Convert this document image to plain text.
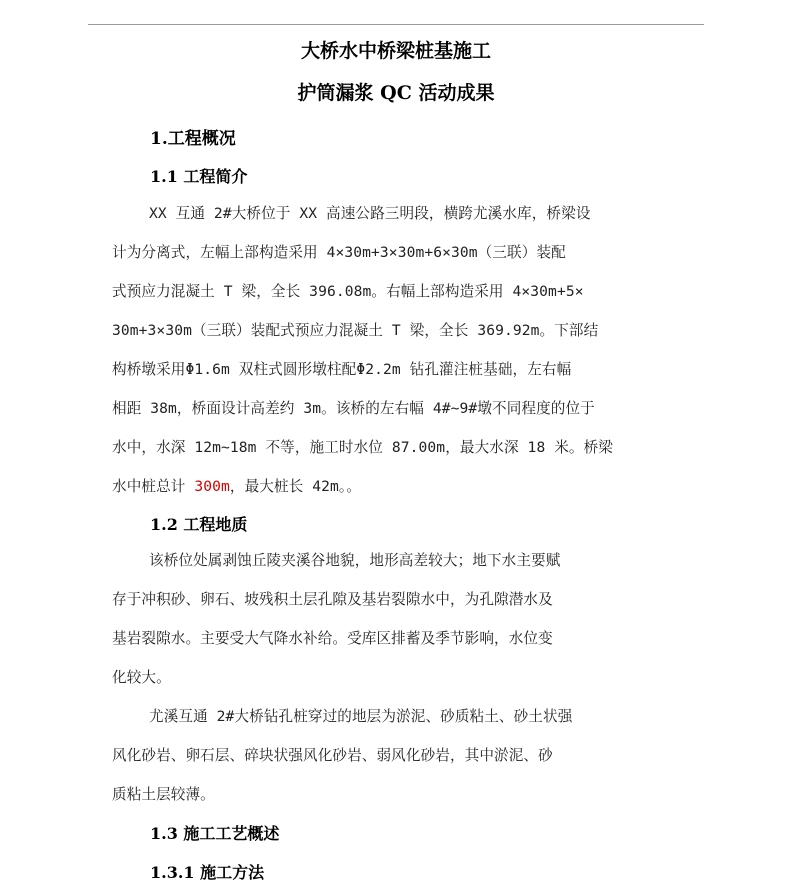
大桥水中桥梁桩基施工
护筒漏浆 QC 活动成果
1.工程概况
1.1 工程简介
XX 互通 2#大桥位于 XX 高速公路三明段，横跨尤溪水库，桥梁设
计为分离式，左幅上部构造采用 4×30m+3×30m+6×30m（三联）装配
式预应力混凝土 T 梁，全长 396.08m。右幅上部构造采用 4×30m+5×
30m+3×30m（三联）装配式预应力混凝土 T 梁，全长 369.92m。下部结
构桥墩采用Φ1.6m 双柱式圆形墩柱配Φ2.2m 钻孔灌注桩基础，左右幅
相距 38m，桥面设计高差约 3m。该桥的左右幅 4#~9#墩不同程度的位于
水中，水深 12m~18m 不等，施工时水位 87.00m，最大水深 18 米。桥梁
水中桩总计 300m，最大桩长 42m。。
1.2 工程地质
该桥位处属剥蚀丘陵夹溪谷地貌，地形高差较大；地下水主要赋
存于冲积砂、卵石、坡残积土层孔隙及基岩裂隙水中，为孔隙潜水及
基岩裂隙水。主要受大气降水补给。受库区排蓄及季节影响，水位变
化较大。
尤溪互通 2#大桥钻孔桩穿过的地层为淤泥、砂质粘土、砂土状强
风化砂岩、卵石层、碎块状强风化砂岩、弱风化砂岩，其中淤泥、砂
质粘土层较薄。
1.3 施工工艺概述
1.3.1 施工方法
